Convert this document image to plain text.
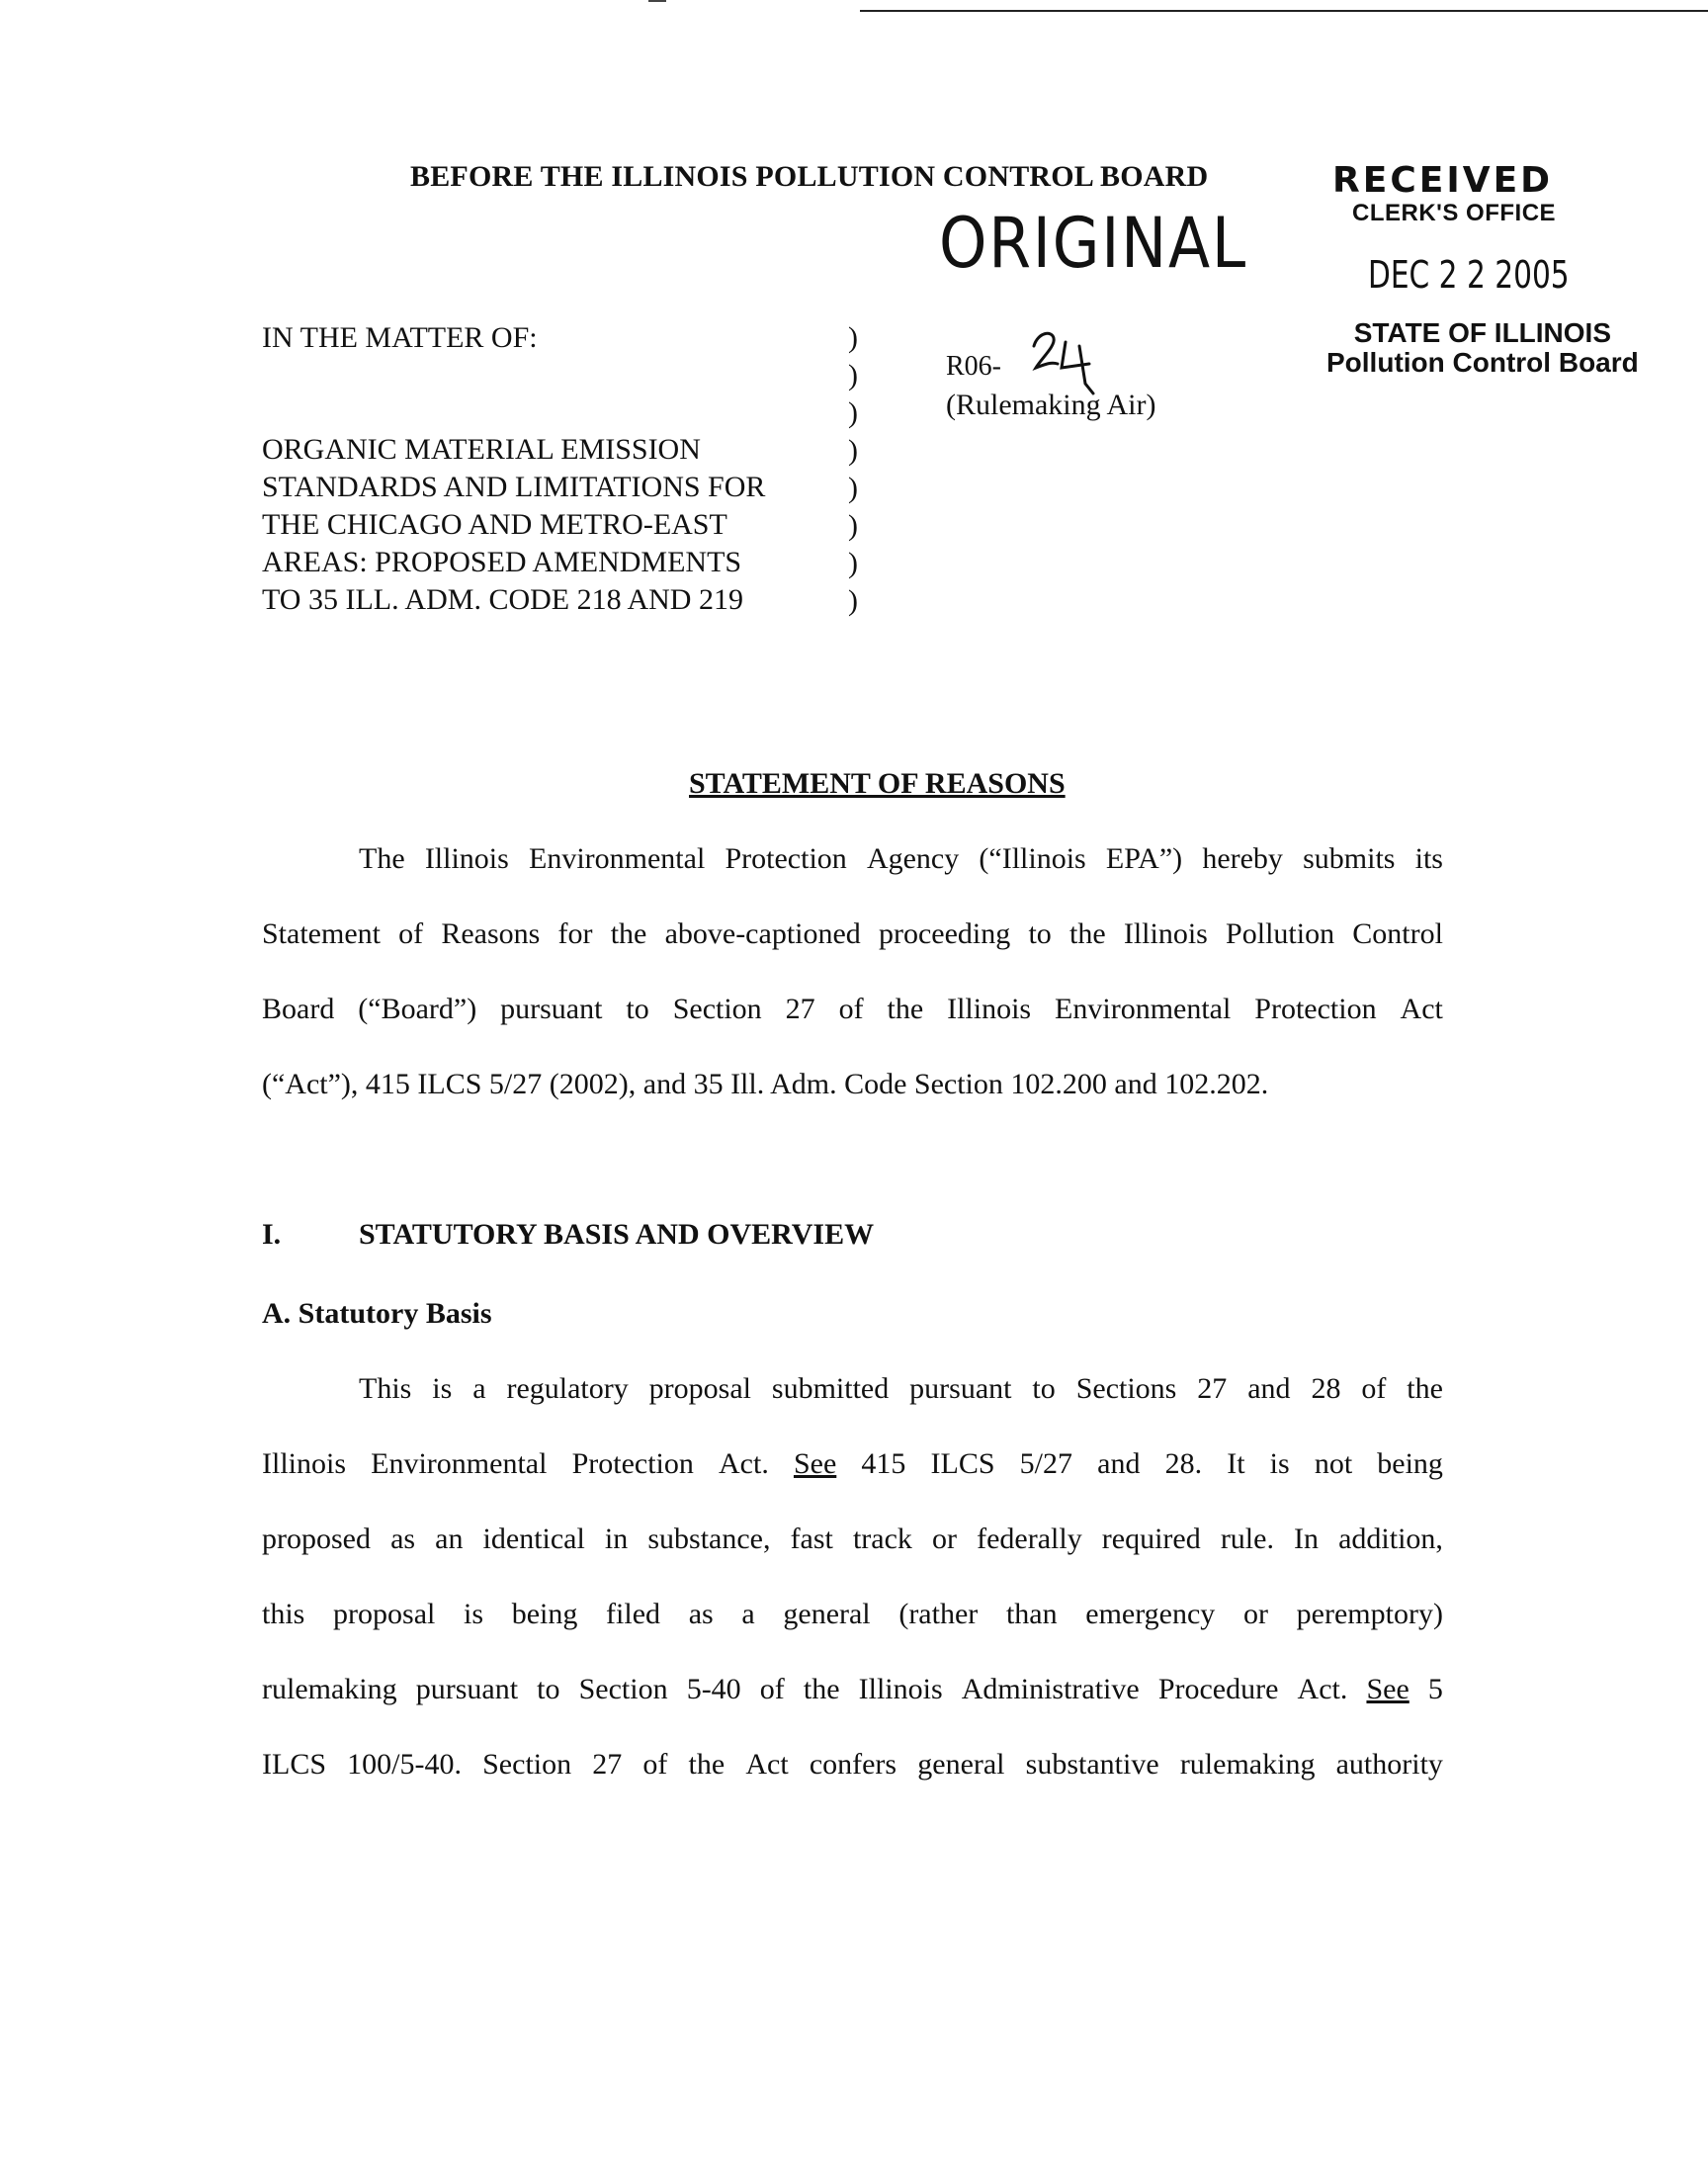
BEFORE THE ILLINOIS POLLUTION CONTROL BOARD
ORIGINAL
RECEIVED
CLERK'S OFFICE
DEC 2 2 2005
STATE OF ILLINOIS
Pollution Control Board
IN THE MATTER OF:
ORGANIC MATERIAL EMISSION
STANDARDS AND LIMITATIONS FOR
THE CHICAGO AND METRO-EAST
AREAS: PROPOSED AMENDMENTS
TO 35 ILL. ADM. CODE 218 AND 219
)
)
)
)
)
)
)
)
R06-
(Rulemaking Air)
STATEMENT OF REASONS
The Illinois Environmental Protection Agency (“Illinois EPA”) hereby submits its
Statement of Reasons for the above-captioned proceeding to the Illinois Pollution Control
Board (“Board”) pursuant to Section 27 of the Illinois Environmental Protection Act
(“Act”), 415 ILCS 5/27 (2002), and 35 Ill. Adm. Code Section 102.200 and 102.202.
I.	STATUTORY BASIS AND OVERVIEW
A. Statutory Basis
This is a regulatory proposal submitted pursuant to Sections 27 and 28 of the
Illinois Environmental Protection Act. See 415 ILCS 5/27 and 28. It is not being
proposed as an identical in substance, fast track or federally required rule. In addition,
this proposal is being filed as a general (rather than emergency or peremptory)
rulemaking pursuant to Section 5-40 of the Illinois Administrative Procedure Act. See 5
ILCS 100/5-40. Section 27 of the Act confers general substantive rulemaking authority
